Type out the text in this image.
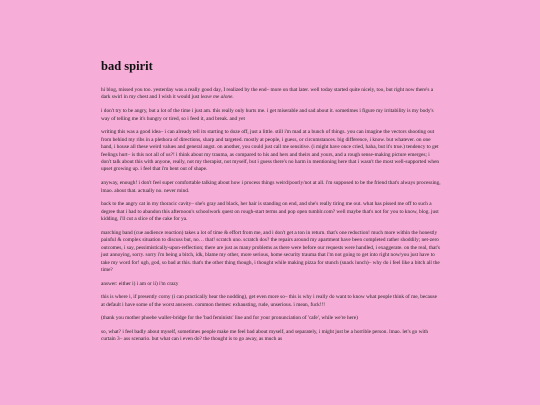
bad spirit

hi blog, missed you too. yesterday was a really good day, I realized by the end– more on that later. well today started quite nicely, too, but right now there's a dark swirl in my chest and I wish it would just leave me alone.

i don't try to be angry, but a lot of the time i just am. this really only hurts me. i get miserable and sad about it. sometimes i figure my irritability is my body's way of telling me it's hungry or tired, so i feed it, and break. and yet

writing this was a good idea– i can already tell its starting to doze off, just a little. still i'm mad at a bunch of things. you can imagine the vectors shooting out from behind my ribs in a plethora of directions, sharp and targeted. mostly at people, i guess, or circumstances. big difference, i know. but whatever. on one hand, i house all these weird values and general angst. on another, you could just call me sensitive. (i might have once cried, haha, but it's true.) tendency to get feelings hurt– is this not all of us?! i think about my trauma, as compared to his and hers and theirs and yours, and a rough sense-making picture emerges; i don't talk about this with anyone, really, not my therapist, not myself, but i guess there's no harm in mentioning here that i wasn't the most well-supported when upset growing up. i feel that i'm bent out of shape.

anyway, enough! i don't feel super comfortable talking about how i process things weird/poorly/not at all. i'm supposed to be the friend that's always processing, lmao. about that. actually no. never mind.

back to the angry cat in my thoracic cavity– she's gray and black, her hair is standing on end, and she's really tiring me out. what has pissed me off to such a degree that i had to abandon this afternoon's schoolwork quest on rough-start terms and pop open tumblr.com? well maybe that's not for you to know, blog. just kidding, i'll cut a slice of the cake for ya.

marching band (cue audience reaction) takes a lot of time & effort from me, and i don't get a ton in return. that's one reduction! much more within the honestly painful & complex situation to discuss but, no… that! scratch uno. scratch dos? the repairs around my apartment have been completed rather shoddily; net-zero outcomes, i say, pessimistically-upon-reflection; there are just as many problems as there were before our requests were handled, i exaggerate. on the real, that's just annoying, sorry. sorry i'm being a bitch, idk, blame my other, more serious, home security trauma that i'm not going to get into right now/you just have to take my word for! ugh, god, so bad at this. that's the other thing though, i thought while making pizza for stunch (snack lunch)– why do i feel like a bitch all the time?

answer: either i) i am or ii) i'm crazy

this is where i, if presently corny (i can practically hear the nodding), get even more so– this is why i really do want to know what people think of me, because at default i have some of the worst answers. common themes: exhausting, rude, unserious. i mean, fuck!!!

(thank you mother phoebe waller-bridge for the 'bad feminists' line and for your pronunciation of 'cafe', while we're here)

so, what? i feel badly about myself, sometimes people make me feel bad about myself, and separately, i might just be a horrible person. lmao. let's go with curtain 3– ass scenario. but what can i even do? the thought is to go away, as much as
